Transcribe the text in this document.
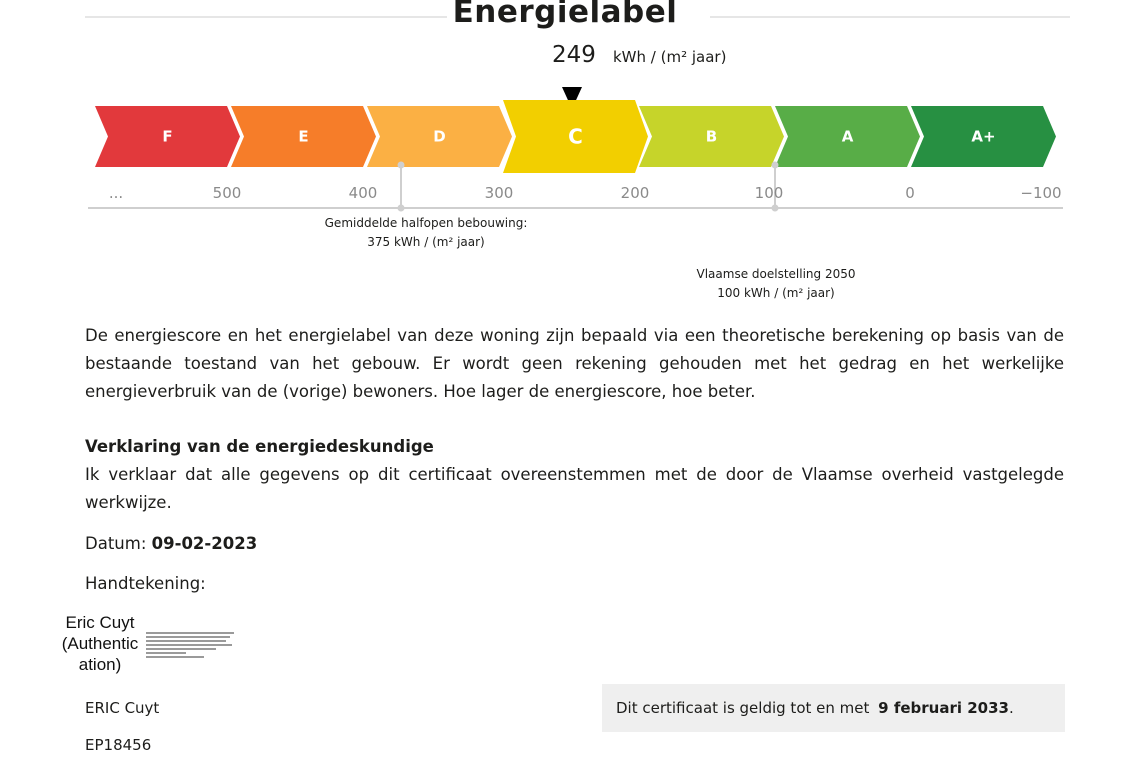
Energielabel
249 kWh / (m² jaar)
F	E	D	C	B	A	A+
...	500	400	300	200	100	0	−100
Gemiddelde halfopen bebouwing:
375 kWh / (m² jaar)
Vlaamse doelstelling 2050
100 kWh / (m² jaar)
De energiescore en het energielabel van deze woning zijn bepaald via een theoretische berekening op basis van de bestaande toestand van het gebouw. Er wordt geen rekening gehouden met het gedrag en het werkelijke energieverbruik van de (vorige) bewoners. Hoe lager de energiescore, hoe beter.
Verklaring van de energiedeskundige
Ik verklaar dat alle gegevens op dit certificaat overeenstemmen met de door de Vlaamse overheid vastgelegde werkwijze.
Datum: 09-02-2023
Handtekening:
Eric Cuyt
(Authentic
ation)
ERIC Cuyt
EP18456
Dit certificaat is geldig tot en met 9 februari 2033.
